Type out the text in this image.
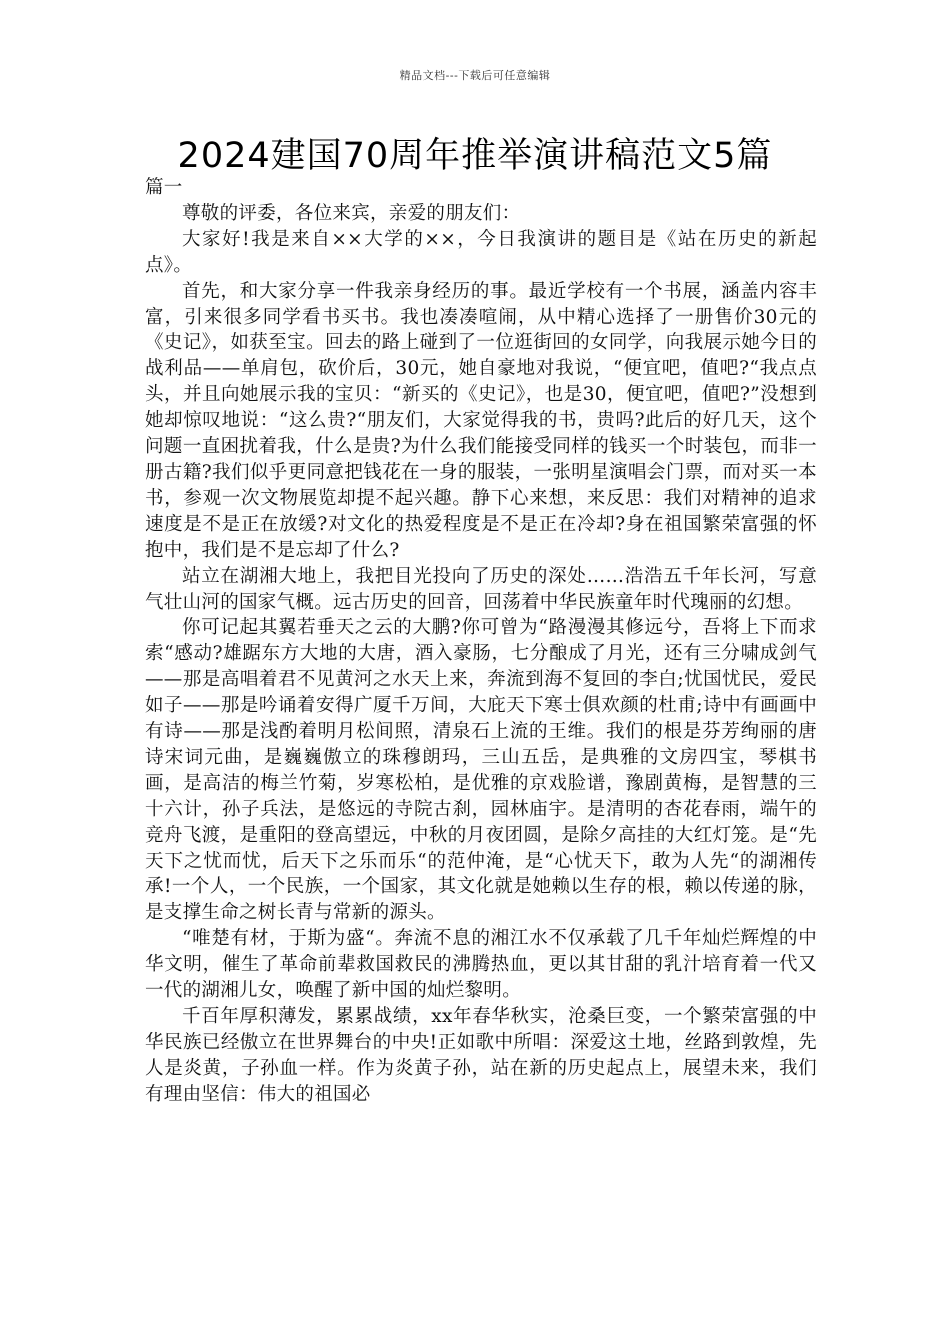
精品文档---下载后可任意编辑
2024建国70周年推举演讲稿范文5篇

篇一

尊敬的评委，各位来宾，亲爱的朋友们：

大家好!我是来自××大学的××，今日我演讲的题目是《站在历史的新起点》。

首先，和大家分享一件我亲身经历的事。最近学校有一个书展，涵盖内容丰富，引来很多同学看书买书。我也凑凑喧闹，从中精心选择了一册售价30元的《史记》，如获至宝。回去的路上碰到了一位逛街回的女同学，向我展示她今日的战利品——单肩包，砍价后，30元，她自豪地对我说，“便宜吧，值吧?“我点点头，并且向她展示我的宝贝：“新买的《史记》，也是30，便宜吧，值吧?”没想到她却惊叹地说：“这么贵?“朋友们，大家觉得我的书，贵吗?此后的好几天，这个问题一直困扰着我，什么是贵?为什么我们能接受同样的钱买一个时装包，而非一册古籍?我们似乎更同意把钱花在一身的服装，一张明星演唱会门票，而对买一本书，参观一次文物展览却提不起兴趣。静下心来想，来反思：我们对精神的追求速度是不是正在放缓?对文化的热爱程度是不是正在冷却?身在祖国繁荣富强的怀抱中，我们是不是忘却了什么?

站立在湖湘大地上，我把目光投向了历史的深处……浩浩五千年长河，写意气壮山河的国家气概。远古历史的回音，回荡着中华民族童年时代瑰丽的幻想。

你可记起其翼若垂天之云的大鹏?你可曾为“路漫漫其修远兮，吾将上下而求索“感动?雄踞东方大地的大唐，酒入豪肠，七分酿成了月光，还有三分啸成剑气——那是高唱着君不见黄河之水天上来，奔流到海不复回的李白;忧国忧民，爱民如子——那是吟诵着安得广厦千万间，大庇天下寒士俱欢颜的杜甫;诗中有画画中有诗——那是浅酌着明月松间照，清泉石上流的王维。我们的根是芬芳绚丽的唐诗宋词元曲，是巍巍傲立的珠穆朗玛，三山五岳，是典雅的文房四宝，琴棋书画，是高洁的梅兰竹菊，岁寒松柏，是优雅的京戏脸谱，豫剧黄梅，是智慧的三十六计，孙子兵法，是悠远的寺院古刹，园林庙宇。是清明的杏花春雨，端午的竞舟飞渡，是重阳的登高望远，中秋的月夜团圆，是除夕高挂的大红灯笼。是“先天下之忧而忧，后天下之乐而乐“的范仲淹，是“心忧天下，敢为人先“的湖湘传承!一个人，一个民族，一个国家，其文化就是她赖以生存的根，赖以传递的脉，是支撑生命之树长青与常新的源头。

“唯楚有材，于斯为盛“。奔流不息的湘江水不仅承载了几千年灿烂辉煌的中华文明，催生了革命前辈救国救民的沸腾热血，更以其甘甜的乳汁培育着一代又一代的湖湘儿女，唤醒了新中国的灿烂黎明。

千百年厚积薄发，累累战绩，xx年春华秋实，沧桑巨变，一个繁荣富强的中华民族已经傲立在世界舞台的中央!正如歌中所唱：深爱这土地，丝路到敦煌，先人是炎黄，子孙血一样。作为炎黄子孙，站在新的历史起点上，展望未来，我们有理由坚信：伟大的祖国必
